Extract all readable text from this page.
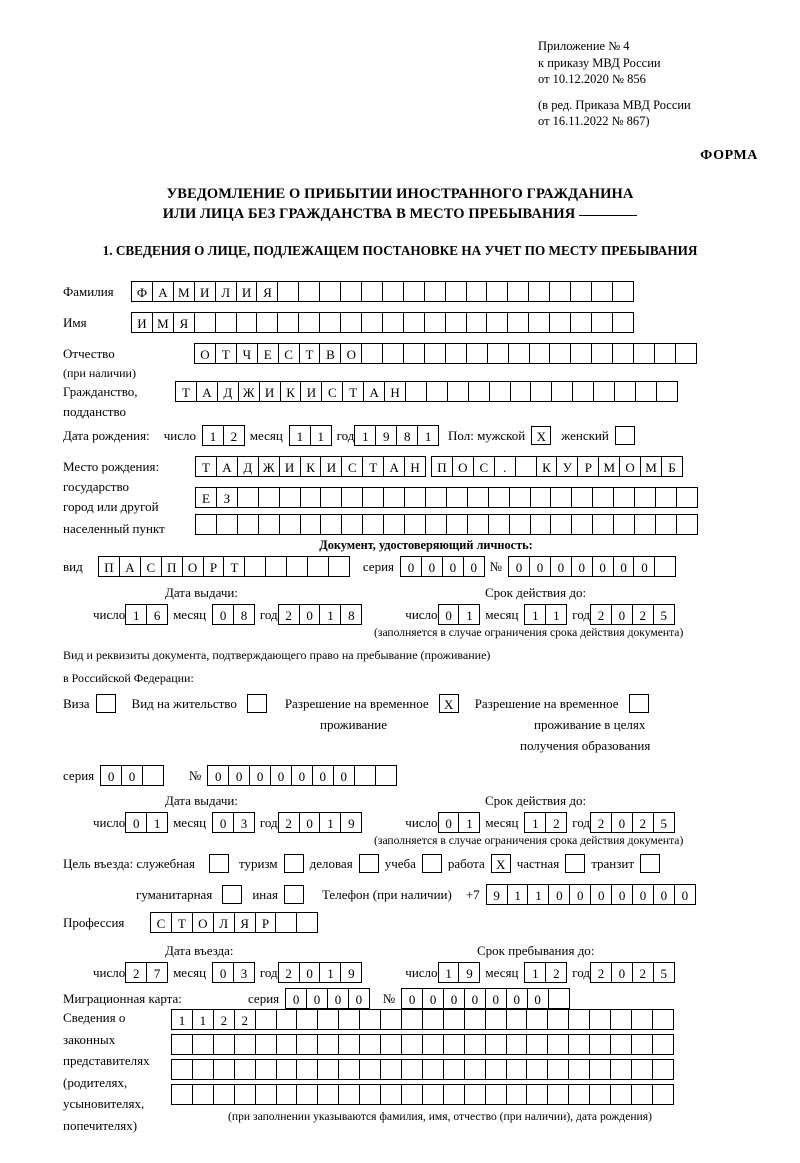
Приложение № 4
к приказу МВД России
от 10.12.2020 № 856
(в ред. Приказа МВД России
от 16.11.2022 № 867)
ФОРМА
УВЕДОМЛЕНИЕ О ПРИБЫТИИ ИНОСТРАННОГО ГРАЖДАНИНА
ИЛИ ЛИЦА БЕЗ ГРАЖДАНСТВА В МЕСТО ПРЕБЫВАНИЯ
1. СВЕДЕНИЯ О ЛИЦЕ, ПОДЛЕЖАЩЕМ ПОСТАНОВКЕ НА УЧЕТ ПО МЕСТУ ПРЕБЫВАНИЯ
Фамилия	Ф А М И Л И Я
Имя	И М Я
Отчество	О Т Ч Е С Т В О
(при наличии)
Гражданство,	Т А Д Ж И К И С Т А Н
подданство
Дата рождения: число	1	2 месяц	1	1 год 1	9	8	1	Пол: мужской Х	женский
Место рождения:	Т А Д Ж И К И С Т А Н	П О С	.	К У Р М О М Б
государство
Е	З
город или другой
населенный пункт
Документ, удостоверяющий личность:
вид	П А С П О Р	Т	серия	0	0	0	0 №	0	0	0	0	0	0	0
Дата выдачи:	Срок действия до:
число 1	6 месяц	0	8 год 2	0	1	8	число 0	1 месяц	1	1 год 2	0	2	5
(заполняется в случае ограничения срока действия документа)
Вид и реквизиты документа, подтверждающего право на пребывание (проживание)
в Российской Федерации:
Виза	Вид на жительство	Разрешение на временное	Х	Разрешение на временное
проживание	проживание в целях
получения образования
серия	0	0	№	0	0	0	0	0	0	0
Дата выдачи:	Срок действия до:
число 0	1 месяц	0	3 год 2	0	1	9	число 0	1 месяц	1	2 год 2	0	2	5
(заполняется в случае ограничения срока действия документа)
Цель въезда: служебная	туризм деловая учеба работа Х частная транзит
гуманитарная	иная	Телефон (при наличии) +7	9	1	1	0	0	0	0	0	0	0
Профессия	С Т О Л Я Р
Дата въезда:	Срок пребывания до:
число 2	7 месяц	0	3 год 2	0	1	9	число 1	9 месяц	1	2 год 2	0	2	5
Миграционная карта:	серия	0	0	0	0	№	0	0	0	0	0	0	0
Сведения о
законных
представителях
(родителях,
усыновителях,
попечителях)
1	1	2	2
(при заполнении указываются фамилия, имя, отчество (при наличии), дата рождения)
